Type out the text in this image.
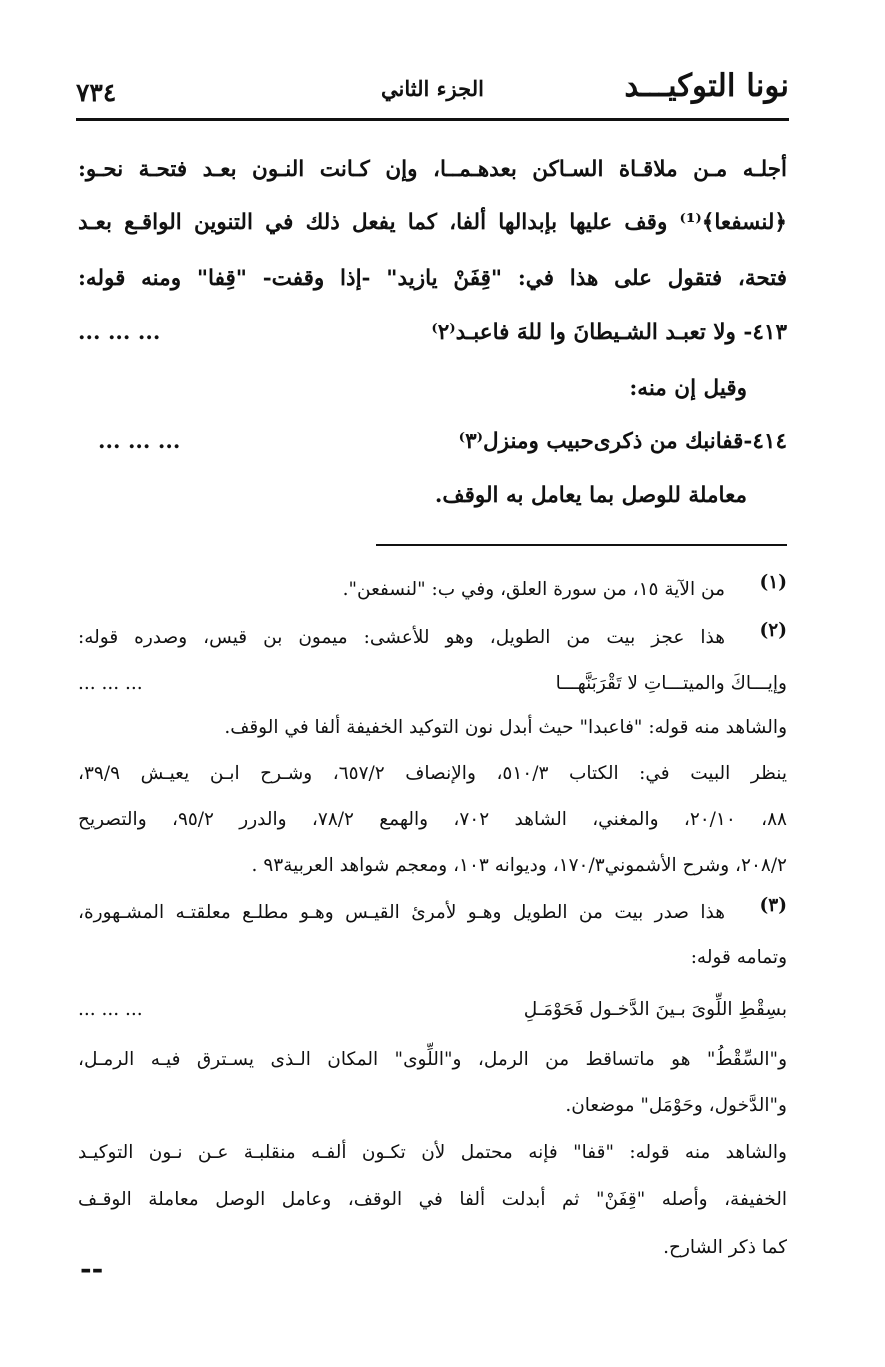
نونا التوكيـــد
الجزء الثاني
٧٣٤
أجلـه مـن ملاقـاة السـاكن بعدهـمــا، وإن كـانت النـون بعـد فتحـة نحـو:
﴿لنسفعا﴾⁽¹⁾ وقف عليها بإبدالها ألفا، كما يفعل ذلك في التنوين الواقـع بعـد
فتحة، فتقول على هذا في: "قِفَنْ يازيد" -إذا وقفت- "قِفا" ومنه قوله:
٤١٣- ولا تعبـد الشـيطانَ وا للهَ فاعبـد⁽٢⁾
... ... ...
وقيل إن منه:
٤١٤-قفانبك من ذكرى‌حبيب ومنزل⁽٣⁾
... ... ...
معاملة للوصل بما يعامل به الوقف.
(١)
من الآية ١٥، من سورة العلق، وفي ب: "لنسفعن".
(٢)
هذا عجز بيت من الطويل، وهو للأعشى: ميمون بن قيس، وصدره قوله:
وإيـــاكَ والميتـــاتِ لا تَقْرَبَنَّهـــا
... ... ...
والشاهد منه قوله: "فاعبدا" حيث أبدل نون التوكيد الخفيفة ألفا في الوقف.
ينظر البيت في: الكتاب ٥١٠/٣، والإنصاف ٦٥٧/٢، وشـرح ابـن يعيـش ٣٩/٩،
٨٨، ٢٠/١٠، والمغني، الشاهد ٧٠٢، والهمع ٧٨/٢، والدرر ٩٥/٢، والتصريح
٢٠٨/٢، وشرح الأشموني١٧٠/٣، وديوانه ١٠٣، ومعجم شواهد العربية٩٣ .
(٣)
هذا صدر بيت من الطويل وهـو لأمرئ القيـس وهـو مطلـع معلقتـه المشـهورة،
وتمامه قوله:
بسِقْطِ اللِّوىَ بـينَ الدَّخـول فَحَوْمَـلِ
... ... ...
و"السِّقْطُ" هو ماتساقط من الرمل، و"اللِّوى" المكان الـذى يسـترق فيـه الرمـل،
و"الدَّخول، وحَوْمَل" موضعان.
والشاهد منه قوله: "قفا" فإنه محتمل لأن تكـون ألفـه منقلبـة عـن نـون التوكيـد
الخفيفة، وأصله "قِفَنْ" ثم أبدلت ألفا في الوقف، وعامل الوصل معاملة الوقـف
كما ذكر الشارح.
--
